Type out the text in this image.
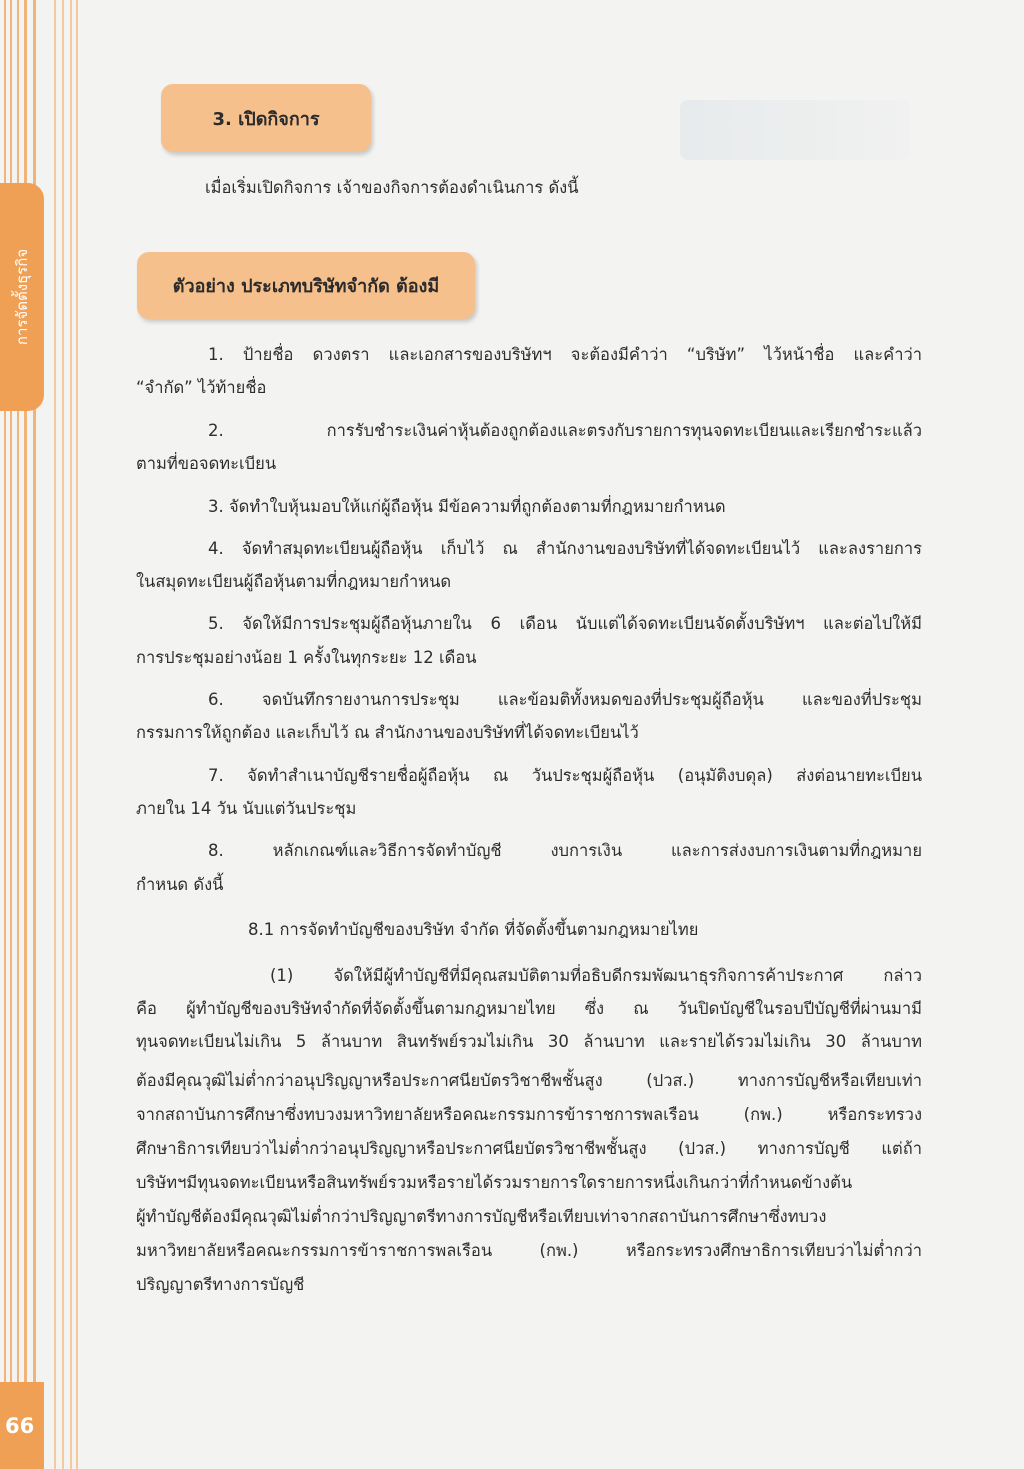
การจัดตั้งธุรกิจ
66
3. เปิดกิจการ
เมื่อเริ่มเปิดกิจการ เจ้าของกิจการต้องดำเนินการ ดังนี้
ตัวอย่าง ประเภทบริษัทจำกัด ต้องมี
1. ป้ายชื่อ ดวงตรา และเอกสารของบริษัทฯ จะต้องมีคำว่า “บริษัท” ไว้หน้าชื่อ และคำว่า
“จำกัด” ไว้ท้ายชื่อ
2. การรับชำระเงินค่าหุ้นต้องถูกต้องและตรงกับรายการทุนจดทะเบียนและเรียกชำระแล้ว
ตามที่ขอจดทะเบียน
3. จัดทำใบหุ้นมอบให้แก่ผู้ถือหุ้น มีข้อความที่ถูกต้องตามที่กฎหมายกำหนด
4. จัดทำสมุดทะเบียนผู้ถือหุ้น เก็บไว้ ณ สำนักงานของบริษัทที่ได้จดทะเบียนไว้ และลงรายการ
ในสมุดทะเบียนผู้ถือหุ้นตามที่กฎหมายกำหนด
5. จัดให้มีการประชุมผู้ถือหุ้นภายใน 6 เดือน นับแต่ได้จดทะเบียนจัดตั้งบริษัทฯ และต่อไปให้มี
การประชุมอย่างน้อย 1 ครั้งในทุกระยะ 12 เดือน
6. จดบันทึกรายงานการประชุม และข้อมติทั้งหมดของที่ประชุมผู้ถือหุ้น และของที่ประชุม
กรรมการให้ถูกต้อง และเก็บไว้ ณ สำนักงานของบริษัทที่ได้จดทะเบียนไว้
7. จัดทำสำเนาบัญชีรายชื่อผู้ถือหุ้น ณ วันประชุมผู้ถือหุ้น (อนุมัติงบดุล) ส่งต่อนายทะเบียน
ภายใน 14 วัน นับแต่วันประชุม
8. หลักเกณฑ์และวิธีการจัดทำบัญชี งบการเงิน และการส่งงบการเงินตามที่กฎหมาย
กำหนด ดังนี้
8.1 การจัดทำบัญชีของบริษัท จำกัด ที่จัดตั้งขึ้นตามกฎหมายไทย
(1) จัดให้มีผู้ทำบัญชีที่มีคุณสมบัติตามที่อธิบดีกรมพัฒนาธุรกิจการค้าประกาศ กล่าว
คือ ผู้ทำบัญชีของบริษัทจำกัดที่จัดตั้งขึ้นตามกฎหมายไทย ซึ่ง ณ วันปิดบัญชีในรอบปีบัญชีที่ผ่านมามี
ทุนจดทะเบียนไม่เกิน 5 ล้านบาท สินทรัพย์รวมไม่เกิน 30 ล้านบาท และรายได้รวมไม่เกิน 30 ล้านบาท
ต้องมีคุณวุฒิไม่ต่ำกว่าอนุปริญญาหรือประกาศนียบัตรวิชาชีพชั้นสูง (ปวส.) ทางการบัญชีหรือเทียบเท่า
จากสถาบันการศึกษาซึ่งทบวงมหาวิทยาลัยหรือคณะกรรมการข้าราชการพลเรือน (กพ.) หรือกระทรวง
ศึกษาธิการเทียบว่าไม่ต่ำกว่าอนุปริญญาหรือประกาศนียบัตรวิชาชีพชั้นสูง (ปวส.) ทางการบัญชี แต่ถ้า
บริษัทฯมีทุนจดทะเบียนหรือสินทรัพย์รวมหรือรายได้รวมรายการใดรายการหนึ่งเกินกว่าที่กำหนดข้างต้น
ผู้ทำบัญชีต้องมีคุณวุฒิไม่ต่ำกว่าปริญญาตรีทางการบัญชีหรือเทียบเท่าจากสถาบันการศึกษาซึ่งทบวง
มหาวิทยาลัยหรือคณะกรรมการข้าราชการพลเรือน (กพ.) หรือกระทรวงศึกษาธิการเทียบว่าไม่ต่ำกว่า
ปริญญาตรีทางการบัญชี
